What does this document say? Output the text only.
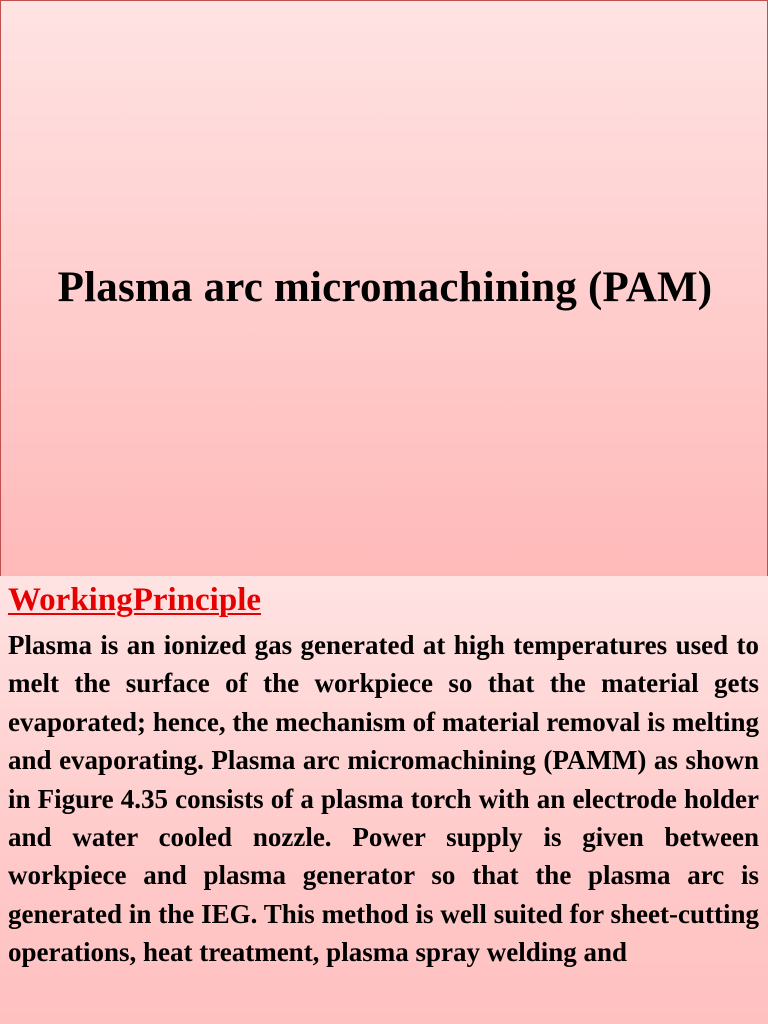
Plasma arc micromachining (PAM)
WorkingPrinciple

Plasma is an ionized gas generated at high temperatures used to melt the surface of the workpiece so that the material gets evaporated; hence, the mechanism of material removal is melting and evaporating. Plasma arc micromachining (PAMM) as shown in Figure 4.35 consists of a plasma torch with an electrode holder and water cooled nozzle. Power supply is given between workpiece and plasma generator so that the plasma arc is generated in the IEG. This method is well suited for sheet-cutting operations, heat treatment, plasma spray welding and
